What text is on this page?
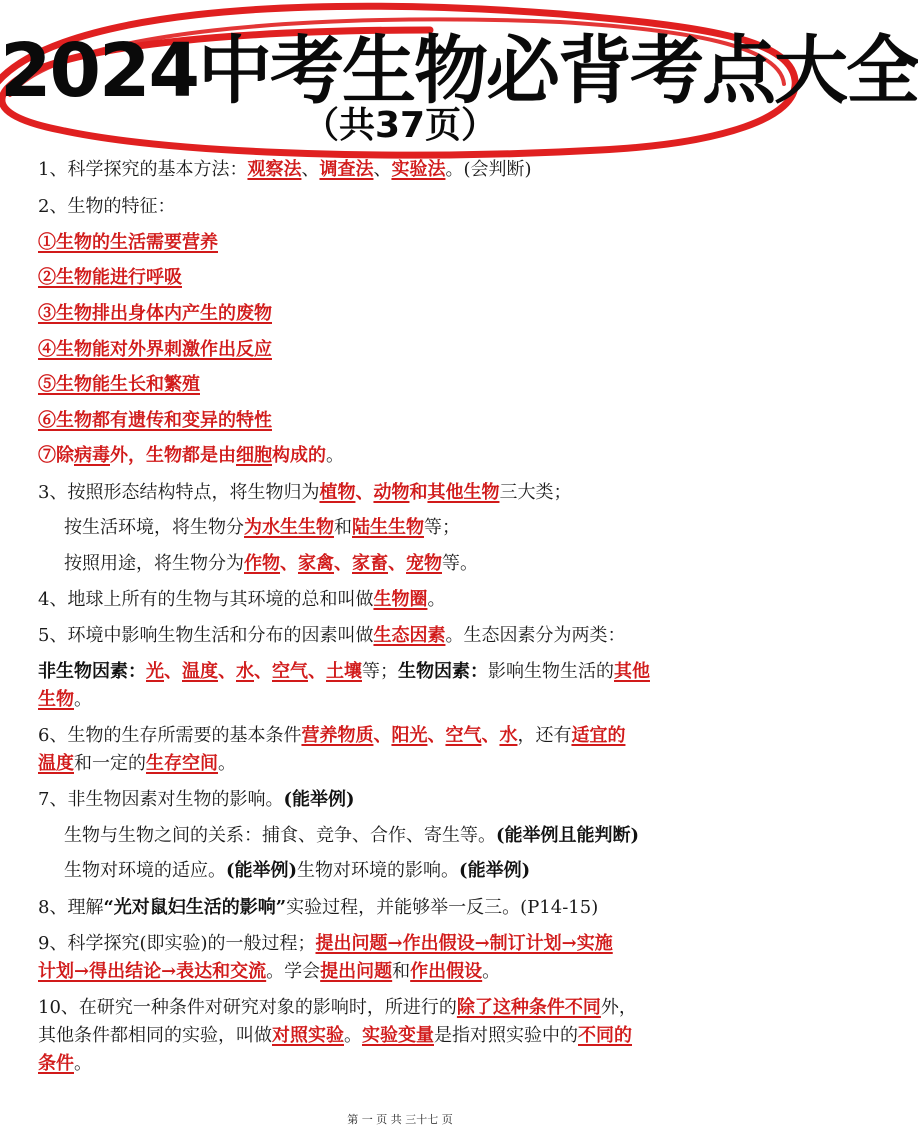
2024中考生物必背考点大全
（共37页）
1、科学探究的基本方法：观察法、调查法、实验法。(会判断)
2、生物的特征：
①生物的生活需要营养
②生物能进行呼吸
③生物排出身体内产生的废物
④生物能对外界刺激作出反应
⑤生物能生长和繁殖
⑥生物都有遗传和变异的特性
⑦除病毒外，生物都是由细胞构成的。
3、按照形态结构特点，将生物归为植物、动物和其他生物三大类；
按生活环境，将生物分为水生生物和陆生生物等；
按照用途，将生物分为作物、家禽、家畜、宠物等。
4、地球上所有的生物与其环境的总和叫做生物圈。
5、环境中影响生物生活和分布的因素叫做生态因素。生态因素分为两类：
非生物因素：光、温度、水、空气、土壤等；生物因素：影响生物生活的其他
生物。
6、生物的生存所需要的基本条件营养物质、阳光、空气、水，还有适宜的
温度和一定的生存空间。
7、非生物因素对生物的影响。(能举例)
生物与生物之间的关系：捕食、竞争、合作、寄生等。(能举例且能判断)
生物对环境的适应。(能举例)生物对环境的影响。(能举例)
8、理解“光对鼠妇生活的影响”实验过程，并能够举一反三。(P14-15)
9、科学探究(即实验)的一般过程；提出问题→作出假设→制订计划→实施
计划→得出结论→表达和交流。学会提出问题和作出假设。
10、在研究一种条件对研究对象的影响时，所进行的除了这种条件不同外，
其他条件都相同的实验，叫做对照实验。实验变量是指对照实验中的不同的
条件。
第 一 页 共 三十七 页
